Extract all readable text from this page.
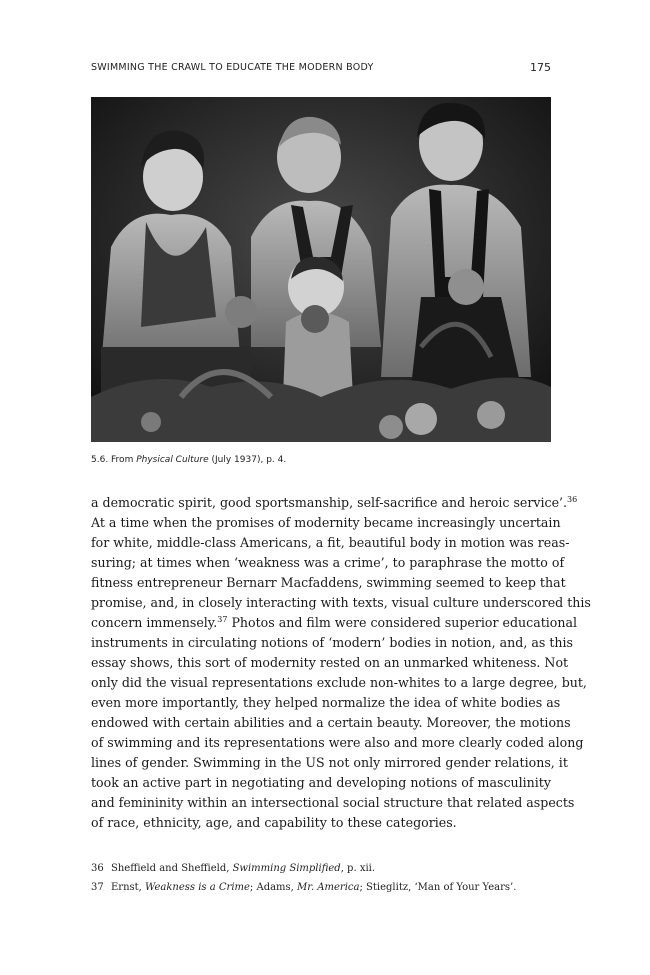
SWIMMING THE CRAWL TO EDUCATE THE MODERN BODY	175
5.6. From Physical Culture (July 1937), p. 4.
a democratic spirit, good sportsmanship, self-sacrifice and heroic service’.$^{36}$
At a time when the promises of modernity became increasingly uncertain
for white, middle-class Americans, a fit, beautiful body in motion was reas-
suring; at times when ‘weakness was a crime’, to paraphrase the motto of
fitness entrepreneur Bernarr Macfaddens, swimming seemed to keep that
promise, and, in closely interacting with texts, visual culture underscored this
concern immensely.$^{37}$ Photos and film were considered superior educational
instruments in circulating notions of ‘modern’ bodies in notion, and, as this
essay shows, this sort of modernity rested on an unmarked whiteness. Not
only did the visual representations exclude non-whites to a large degree, but,
even more importantly, they helped normalize the idea of white bodies as
endowed with certain abilities and a certain beauty. Moreover, the motions
of swimming and its representations were also and more clearly coded along
lines of gender. Swimming in the US not only mirrored gender relations, it
took an active part in negotiating and developing notions of masculinity
and femininity within an intersectional social structure that related aspects
of race, ethnicity, age, and capability to these categories.
36 Sheffield and Sheffield, Swimming Simplified, p. xii.
37 Ernst, Weakness is a Crime; Adams, Mr. America; Stieglitz, ‘Man of Your Years’.
